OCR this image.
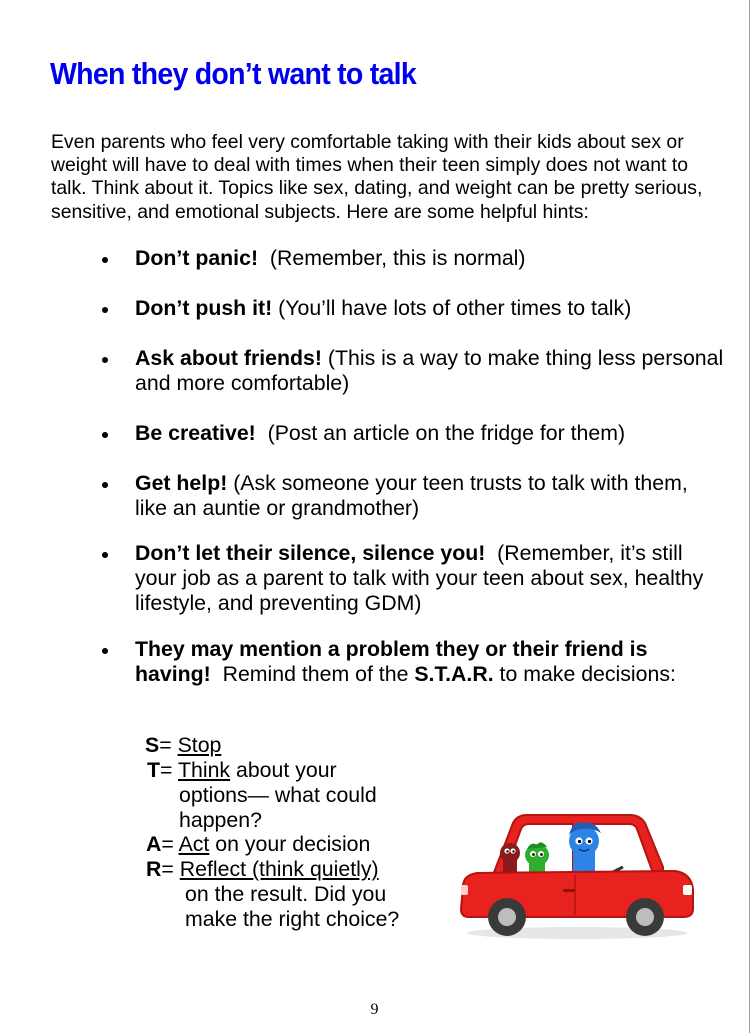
When they don’t want to talk

Even parents who feel very comfortable taking with their kids about sex or weight will have to deal with times when their teen simply does not want to talk. Think about it. Topics like sex, dating, and weight can be pretty serious, sensitive, and emotional subjects. Here are some helpful hints:

Don’t panic!  (Remember, this is normal)
Don’t push it! (You’ll have lots of other times to talk)
Ask about friends! (This is a way to make thing less personal and more comfortable)
Be creative!  (Post an article on the fridge for them)
Get help! (Ask someone your teen trusts to talk with them, like an auntie or grandmother)
Don’t let their silence, silence you!  (Remember, it’s still your job as a parent to talk with your teen about sex, healthy lifestyle, and preventing GDM)
They may mention a problem they or their friend is having!  Remind them of the S.T.A.R. to make decisions:
S= Stop
T= Think about your
options— what could
happen?
A= Act on your decision
R= Reflect (think quietly)
on the result. Did you
make the right choice?
9
